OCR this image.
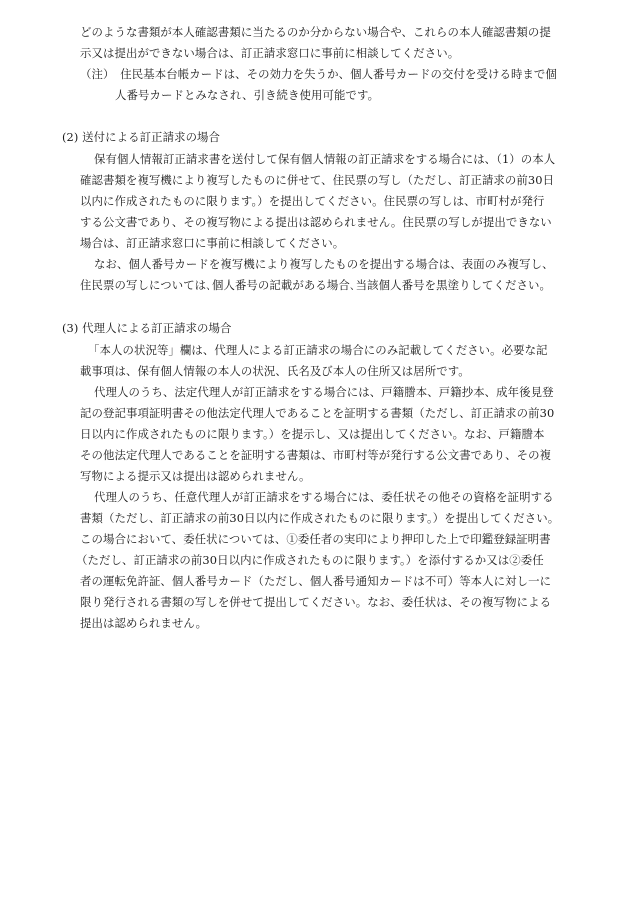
どのような書類が本人確認書類に当たるのか分からない場合や、これらの本人確認書類の提
示又は提出ができない場合は、訂正請求窓口に事前に相談してください。
（注）　住民基本台帳カードは、その効力を失うか、個人番号カードの交付を受ける時まで個
人番号カードとみなされ、引き続き使用可能です。
(2) 送付による訂正請求の場合
保有個人情報訂正請求書を送付して保有個人情報の訂正請求をする場合には、（1）の本人
確認書類を複写機により複写したものに併せて、住民票の写し（ただし、訂正請求の前30日
以内に作成されたものに限ります。）を提出してください。住民票の写しは、市町村が発行
する公文書であり、その複写物による提出は認められません。住民票の写しが提出できない
場合は、訂正請求窓口に事前に相談してください。
なお、個人番号カードを複写機により複写したものを提出する場合は、表面のみ複写し、
住民票の写しについては､個人番号の記載がある場合､当該個人番号を黒塗りしてください。
(3) 代理人による訂正請求の場合
「本人の状況等」欄は、代理人による訂正請求の場合にのみ記載してください。必要な記
載事項は、保有個人情報の本人の状況、氏名及び本人の住所又は居所です。
代理人のうち、法定代理人が訂正請求をする場合には、戸籍謄本、戸籍抄本、成年後見登
記の登記事項証明書その他法定代理人であることを証明する書類（ただし、訂正請求の前30
日以内に作成されたものに限ります。）を提示し、又は提出してください。なお、戸籍謄本
その他法定代理人であることを証明する書類は、市町村等が発行する公文書であり、その複
写物による提示又は提出は認められません。
代理人のうち、任意代理人が訂正請求をする場合には、委任状その他その資格を証明する
書類（ただし、訂正請求の前30日以内に作成されたものに限ります。）を提出してください。
この場合において、委任状については、①委任者の実印により押印した上で印鑑登録証明書
（ただし、訂正請求の前30日以内に作成されたものに限ります。）を添付するか又は②委任
者の運転免許証、個人番号カード（ただし、個人番号通知カードは不可）等本人に対し一に
限り発行される書類の写しを併せて提出してください。なお、委任状は、その複写物による
提出は認められません。
